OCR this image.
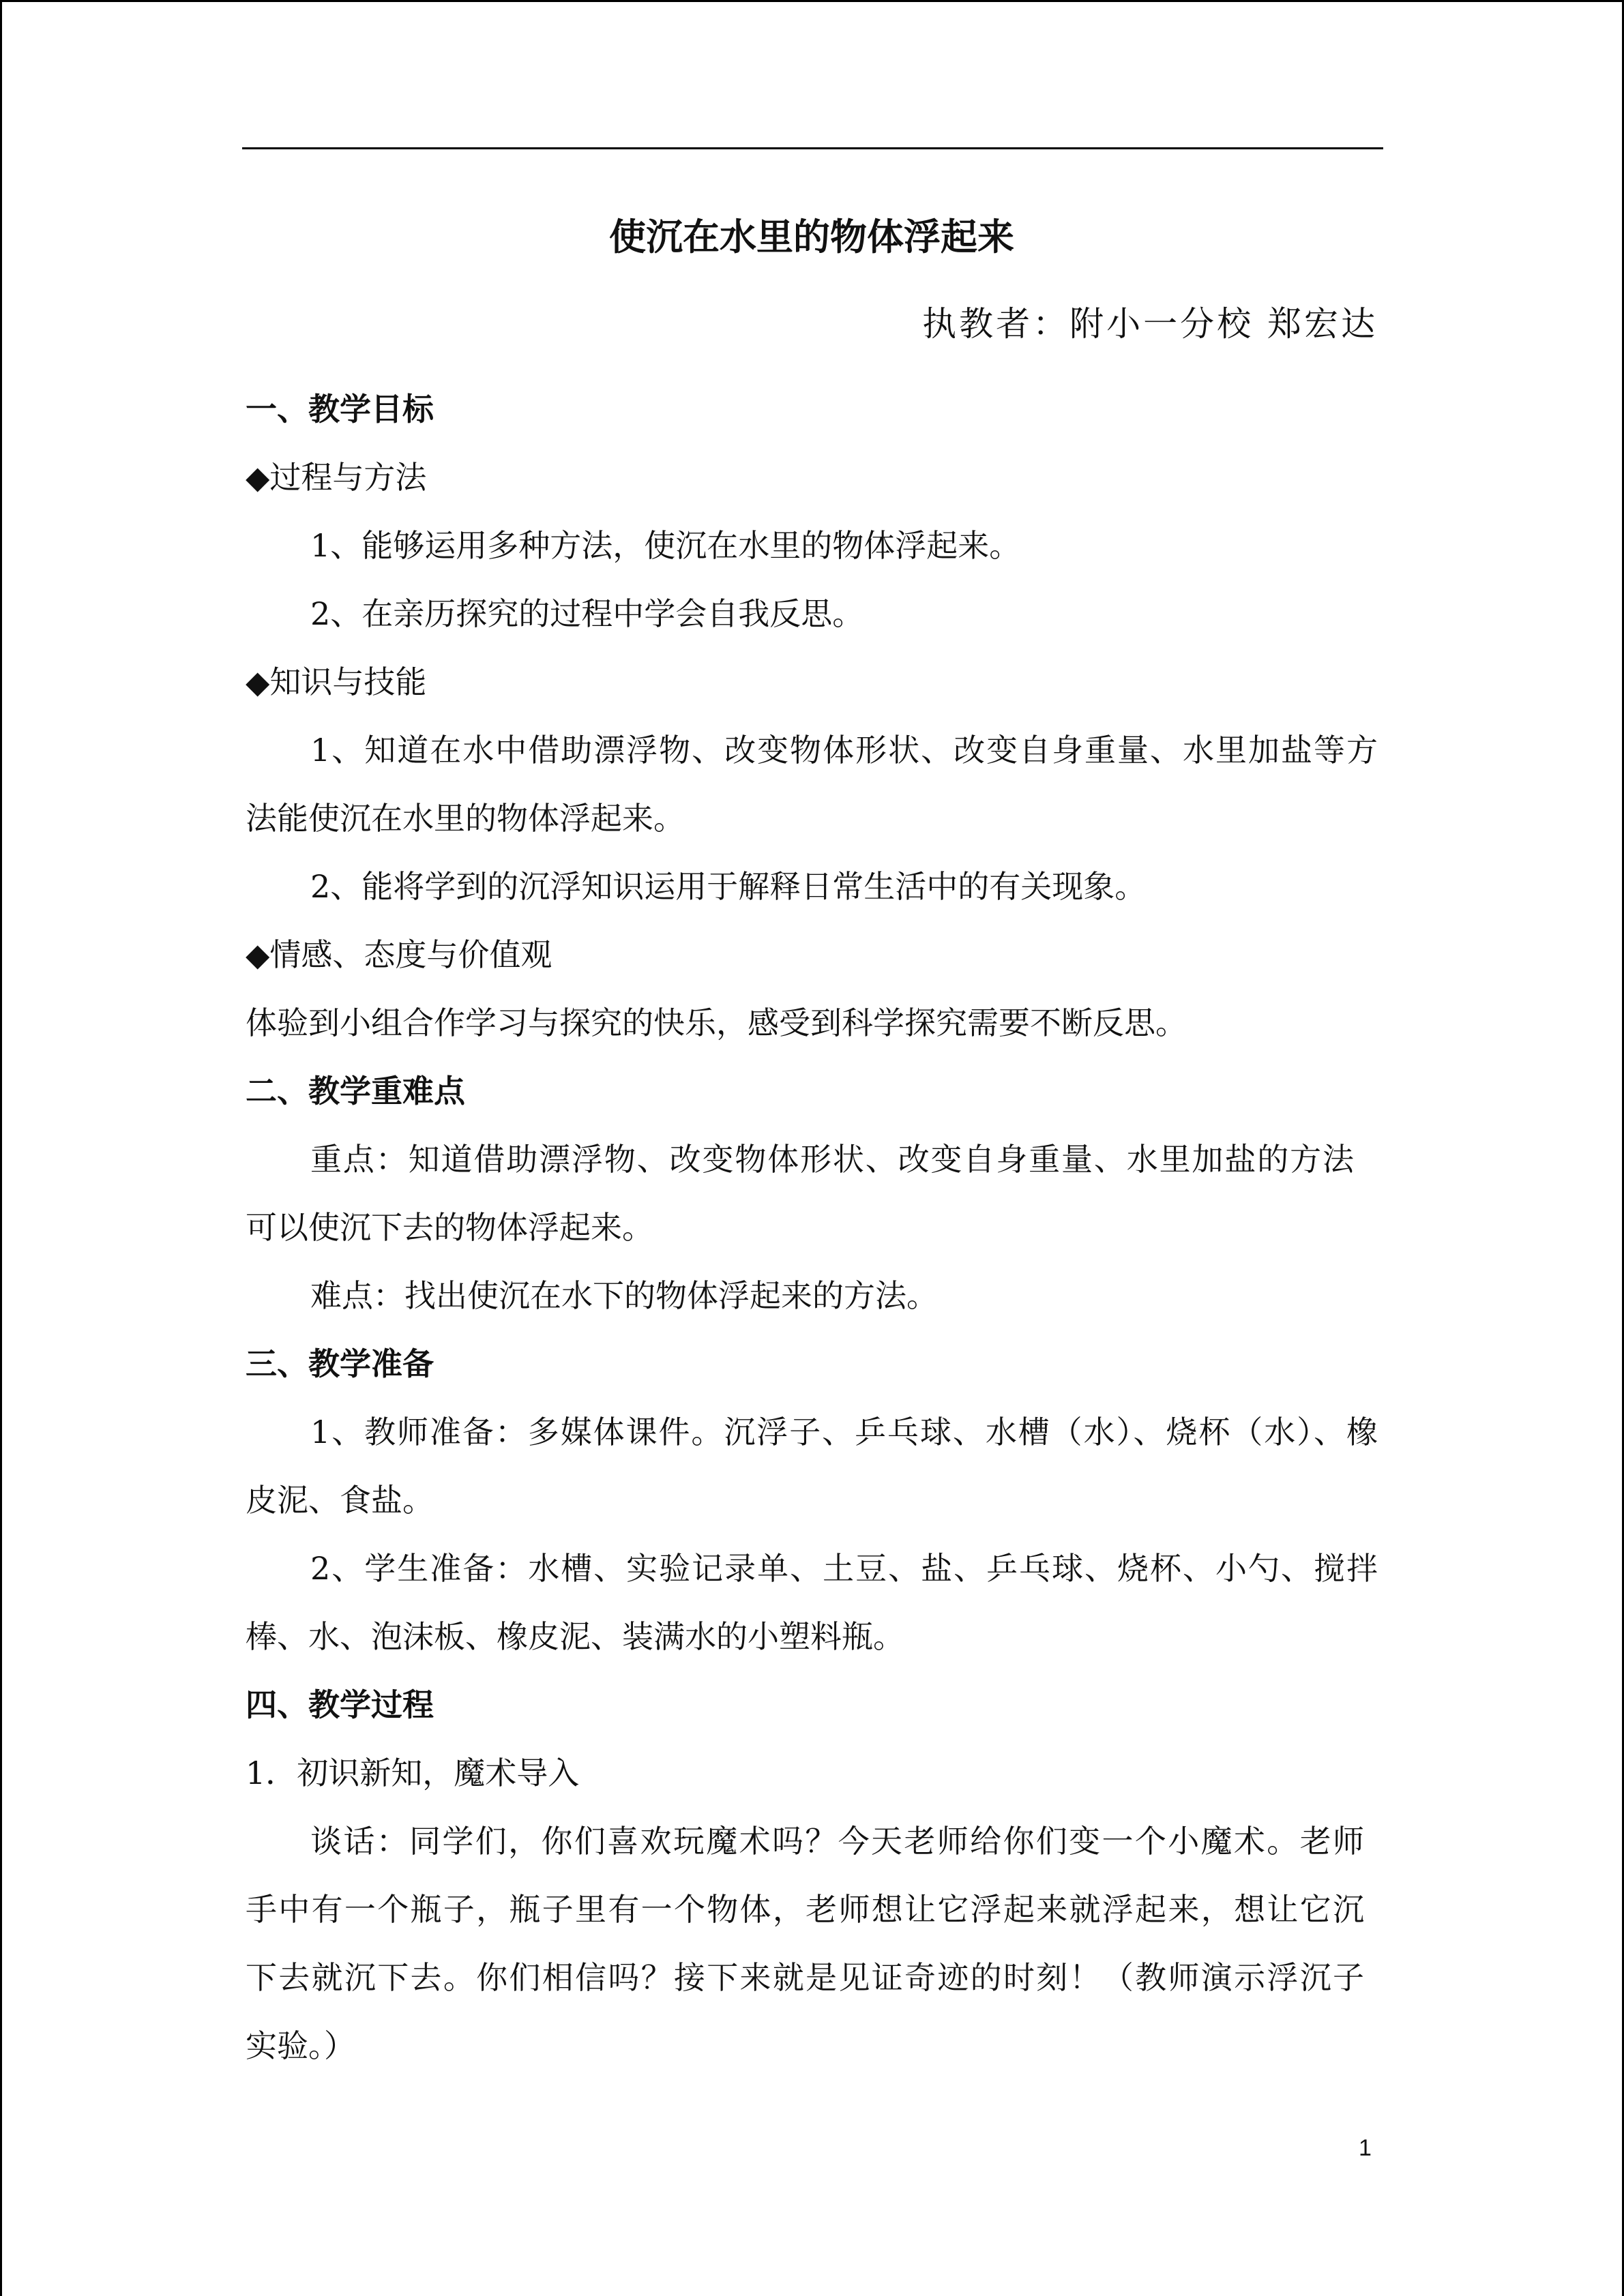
使沉在水里的物体浮起来
执教者：附小一分校 郑宏达
一、教学目标
◆过程与方法
1、能够运用多种方法，使沉在水里的物体浮起来。
2、在亲历探究的过程中学会自我反思。
◆知识与技能
1、知道在水中借助漂浮物、改变物体形状、改变自身重量、水里加盐等方
法能使沉在水里的物体浮起来。
2、能将学到的沉浮知识运用于解释日常生活中的有关现象。
◆情感、态度与价值观
体验到小组合作学习与探究的快乐，感受到科学探究需要不断反思。
二、教学重难点
重点：知道借助漂浮物、改变物体形状、改变自身重量、水里加盐的方法
可以使沉下去的物体浮起来。
难点：找出使沉在水下的物体浮起来的方法。
三、教学准备
1、教师准备：多媒体课件。沉浮子、乒乓球、水槽（水）、烧杯（水）、橡
皮泥、食盐。
2、学生准备：水槽、实验记录单、土豆、盐、乒乓球、烧杯、小勺、搅拌
棒、水、泡沫板、橡皮泥、装满水的小塑料瓶。
四、教学过程
1．初识新知，魔术导入
谈话：同学们，你们喜欢玩魔术吗？今天老师给你们变一个小魔术。老师
手中有一个瓶子，瓶子里有一个物体，老师想让它浮起来就浮起来，想让它沉
下去就沉下去。你们相信吗？接下来就是见证奇迹的时刻！（教师演示浮沉子
实验。）
1
